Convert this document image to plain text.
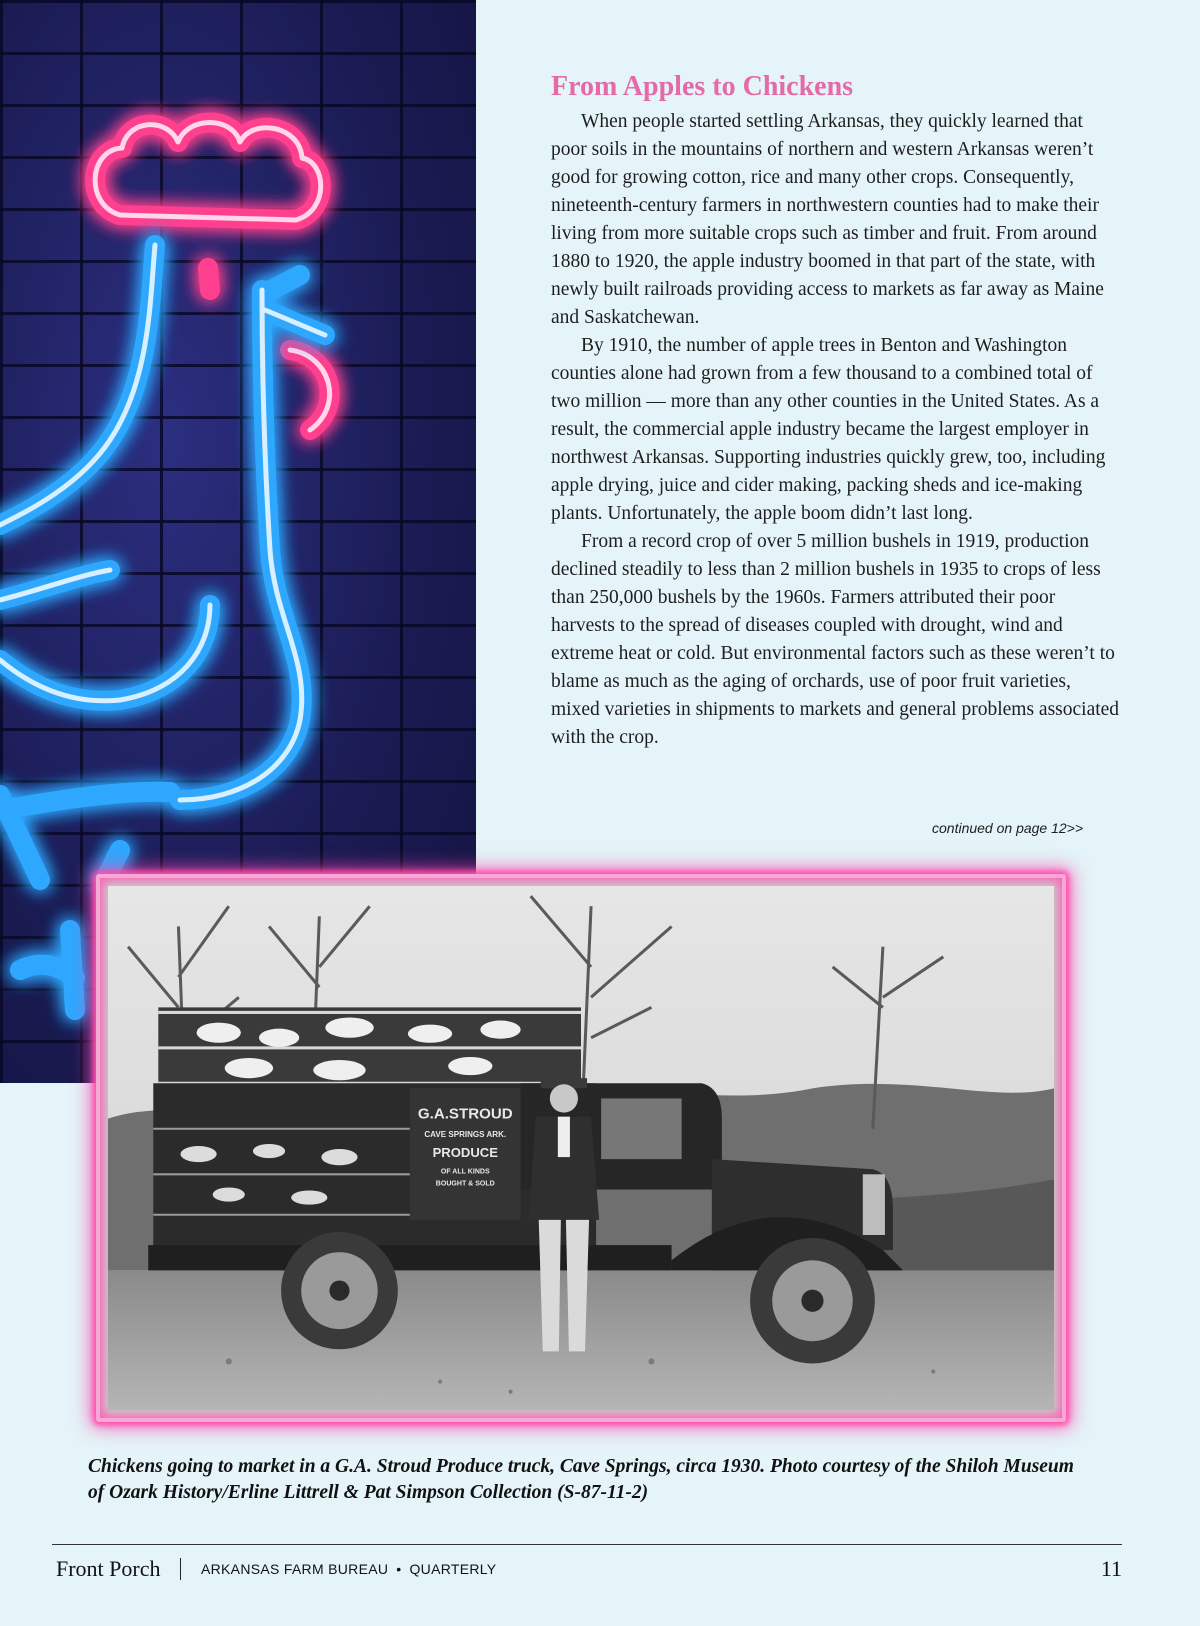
From Apples to Chickens

When people started settling Arkansas, they quickly learned that poor soils in the mountains of northern and western Arkansas weren’t good for growing cotton, rice and many other crops. Consequently, nineteenth-century farmers in northwestern counties had to make their living from more suitable crops such as timber and fruit. From around 1880 to 1920, the apple industry boomed in that part of the state, with newly built railroads providing access to markets as far away as Maine and Saskatchewan.

By 1910, the number of apple trees in Benton and Washington counties alone had grown from a few thousand to a combined total of two million — more than any other counties in the United States. As a result, the commercial apple industry became the largest employer in northwest Arkansas. Supporting industries quickly grew, too, including apple drying, juice and cider making, packing sheds and ice-making plants. Unfortunately, the apple boom didn’t last long.

From a record crop of over 5 million bushels in 1919, production declined steadily to less than 2 million bushels in 1935 to crops of less than 250,000 bushels by the 1960s. Farmers attributed their poor harvests to the spread of diseases coupled with drought, wind and extreme heat or cold. But environmental factors such as these weren’t to blame as much as the aging of orchards, use of poor fruit varieties, mixed varieties in shipments to markets and general problems associated with the crop.

continued on page 12>>
G.A.STROUD
CAVE SPRINGS ARK.
PRODUCE
OF ALL KINDS
BOUGHT & SOLD
Chickens going to market in a G.A. Stroud Produce truck, Cave Springs, circa 1930. Photo courtesy of the Shiloh Museum of Ozark History/Erline Littrell & Pat Simpson Collection (S-87-11-2)
Front Porch	ARKANSAS FARM BUREAU • QUARTERLY	11
